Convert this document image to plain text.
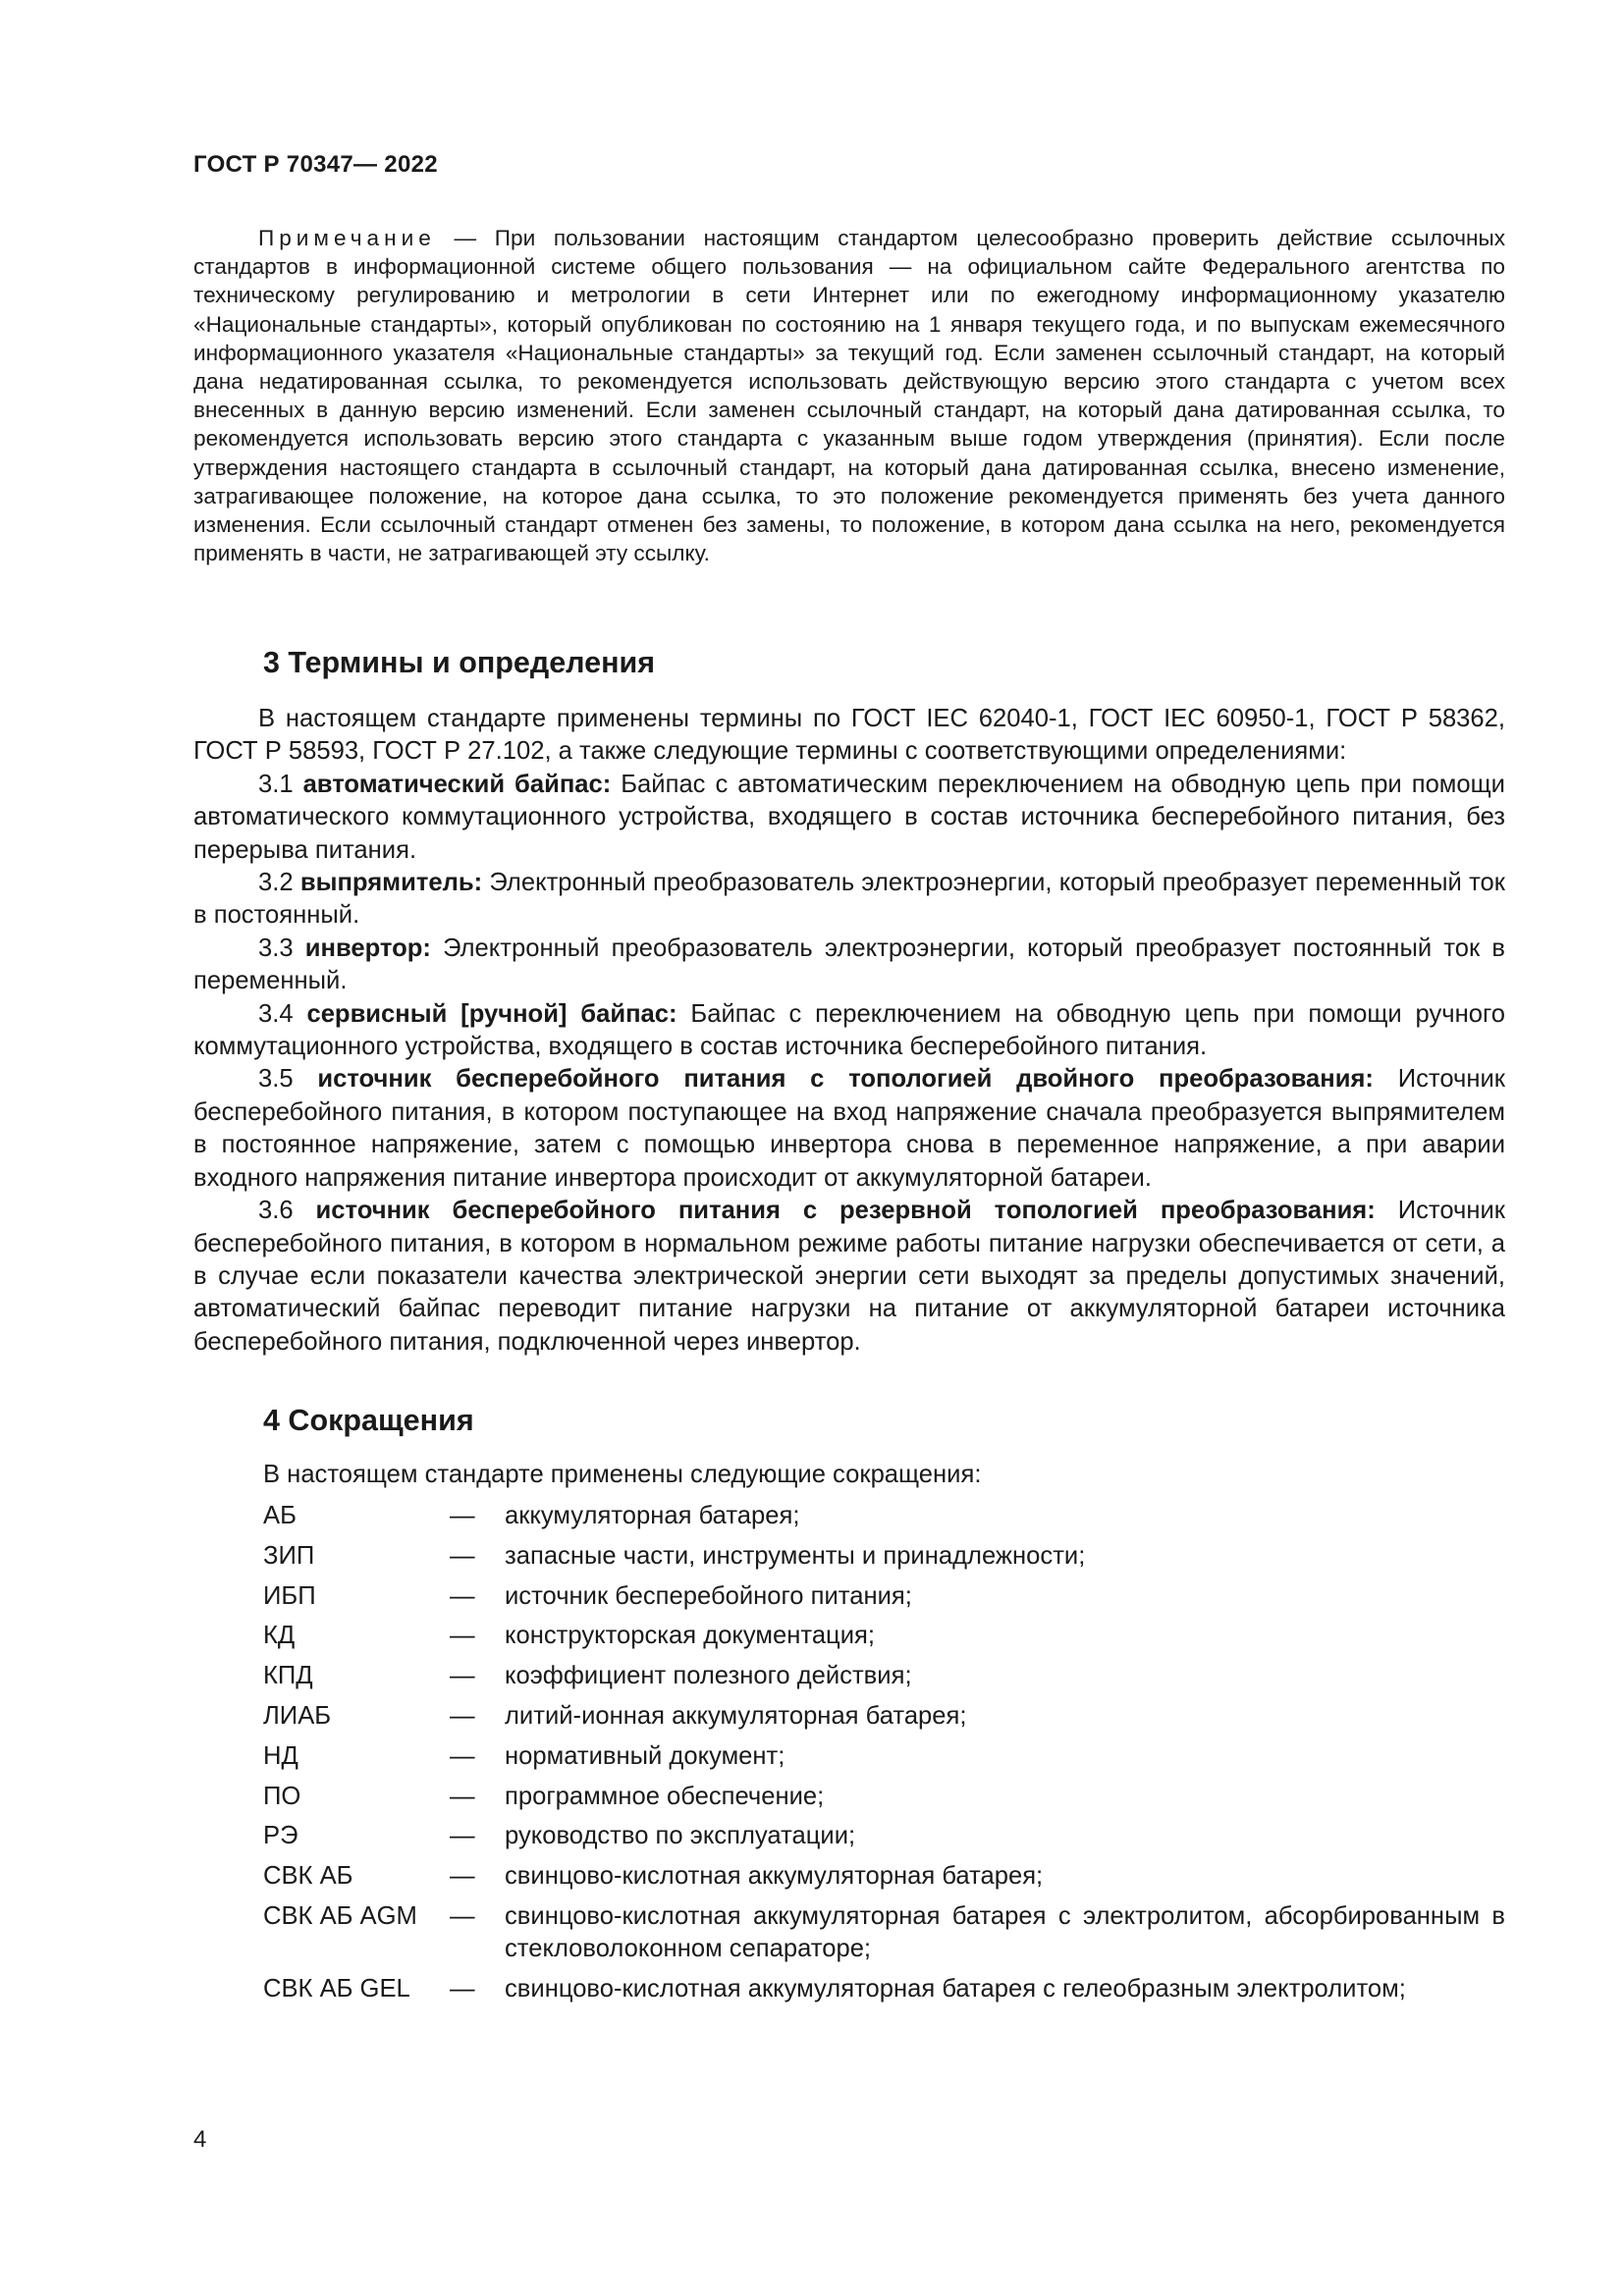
ГОСТ Р 70347— 2022

Примечание — При пользовании настоящим стандартом целесообразно проверить действие ссылочных стандартов в информационной системе общего пользования — на официальном сайте Федерального агентства по техническому регулированию и метрологии в сети Интернет или по ежегодному информационному указателю «Национальные стандарты», который опубликован по состоянию на 1 января текущего года, и по выпускам ежемесячного информационного указателя «Национальные стандарты» за текущий год. Если заменен ссылочный стандарт, на который дана недатированная ссылка, то рекомендуется использовать действующую версию этого стандарта с учетом всех внесенных в данную версию изменений. Если заменен ссылочный стандарт, на который дана датированная ссылка, то рекомендуется использовать версию этого стандарта с указанным выше годом утверждения (принятия). Если после утверждения настоящего стандарта в ссылочный стандарт, на который дана датированная ссылка, внесено изменение, затрагивающее положение, на которое дана ссылка, то это положение рекомендуется применять без учета данного изменения. Если ссылочный стандарт отменен без замены, то положение, в котором дана ссылка на него, рекомендуется применять в части, не затрагивающей эту ссылку.

3 Термины и определения

В настоящем стандарте применены термины по ГОСТ IEC 62040-1, ГОСТ IEC 60950-1, ГОСТ Р 58362, ГОСТ Р 58593, ГОСТ Р 27.102, а также следующие термины с соответствующими определениями:

3.1 автоматический байпас: Байпас с автоматическим переключением на обводную цепь при помощи автоматического коммутационного устройства, входящего в состав источника бесперебойного питания, без перерыва питания.

3.2 выпрямитель: Электронный преобразователь электроэнергии, который преобразует переменный ток в постоянный.

3.3 инвертор: Электронный преобразователь электроэнергии, который преобразует постоянный ток в переменный.

3.4 сервисный [ручной] байпас: Байпас с переключением на обводную цепь при помощи ручного коммутационного устройства, входящего в состав источника бесперебойного питания.

3.5 источник бесперебойного питания с топологией двойного преобразования: Источник бесперебойного питания, в котором поступающее на вход напряжение сначала преобразуется выпрямителем в постоянное напряжение, затем с помощью инвертора снова в переменное напряжение, а при аварии входного напряжения питание инвертора происходит от аккумуляторной батареи.

3.6 источник бесперебойного питания с резервной топологией преобразования: Источник бесперебойного питания, в котором в нормальном режиме работы питание нагрузки обеспечивается от сети, а в случае если показатели качества электрической энергии сети выходят за пределы допустимых значений, автоматический байпас переводит питание нагрузки на питание от аккумуляторной батареи источника бесперебойного питания, подключенной через инвертор.

4 Сокращения

В настоящем стандарте применены следующие сокращения:

АБ	—	аккумуляторная батарея;
ЗИП	—	запасные части, инструменты и принадлежности;
ИБП	—	источник бесперебойного питания;
КД	—	конструкторская документация;
КПД	—	коэффициент полезного действия;
ЛИАБ	—	литий-ионная аккумуляторная батарея;
НД	—	нормативный документ;
ПО	—	программное обеспечение;
РЭ	—	руководство по эксплуатации;
СВК АБ	—	свинцово-кислотная аккумуляторная батарея;
СВК АБ AGM	—	свинцово-кислотная аккумуляторная батарея с электролитом, абсорбированным в стекловолоконном сепараторе;
СВК АБ GEL	—	свинцово-кислотная аккумуляторная батарея с гелеобразным электролитом;
4
